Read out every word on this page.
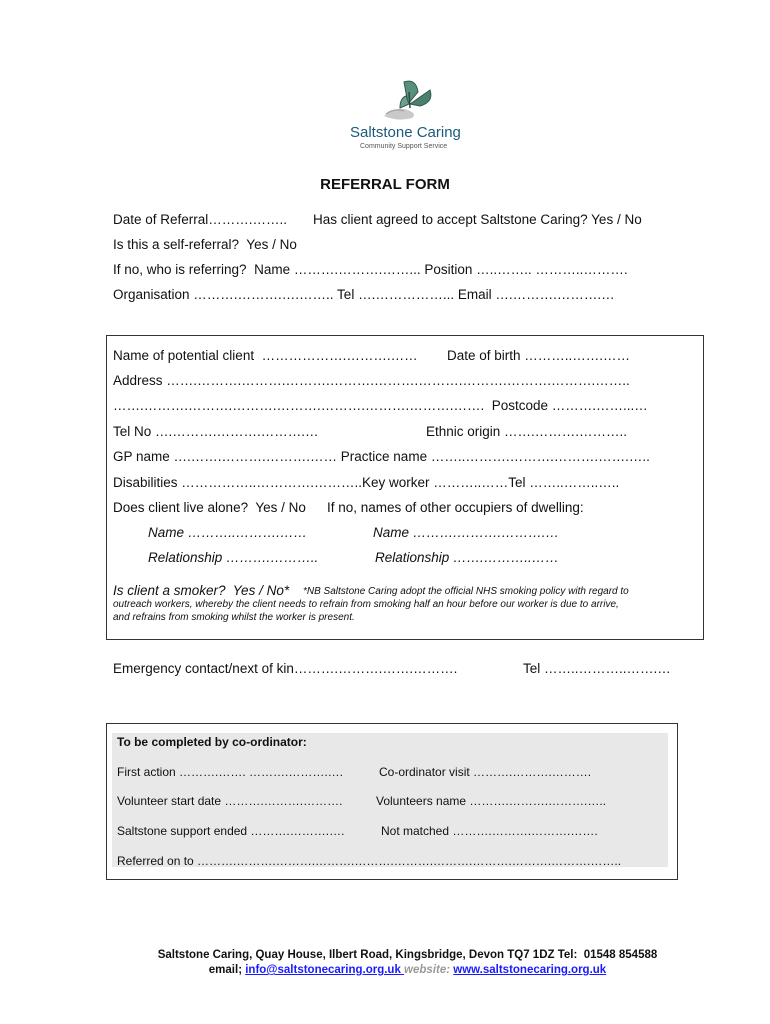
Saltstone Caring
Community Support Service
REFERRAL FORM
Date of Referral……….…….. Has client agreed to accept Saltstone Caring? Yes / No
Is this a self-referral?  Yes / No
If no, who is referring?  Name ……….……….……... Position …..…….. ………..……….
Organisation ……….……….….…….. Tel ….……………... Email ….……….……….…
Name of potential client  ……………….……….…… Date of birth ………..…….……
Address …….……….……….……….……….……….……….……….……….……….……..
…….……….……….……….……….……….……….……….…….  Postcode ……….……...…
Tel No ….……….……….……….…	Ethnic origin …….……….………..
GP name ….…….……….……….…… Practice name ……..……….……….……….…….…..
Disabilities ……………..………….………..Key worker ………..……Tel ……..……..…..
Does client live alone?  Yes / No If no, names of other occupiers of dwelling:
Name ………..……….……	Name ……….……….……….…
Relationship ……….………..	Relationship …….………..……
Is client a smoker?  Yes / No* *NB Saltstone Caring adopt the official NHS smoking policy with regard to
outreach workers, whereby the client needs to refrain from smoking half an hour before our worker is due to arrive,
and refrains from smoking whilst the worker is present.
Emergency contact/next of kin……….……….…….……….	Tel ……..………..…….…
To be completed by co-ordinator:
First action ……….……. ……….……….….	Co-ordinator visit ……….……….……….
Volunteer start date ……….……….……….	Volunteers name ……….……….……….…..
Saltstone support ended ……….……….….	Not matched ……….……….……….…….
Referred on to ……….……….……….……….……….……….……….……….……….……….……..
Saltstone Caring, Quay House, Ilbert Road, Kingsbridge, Devon TQ7 1DZ Tel:  01548 854588
email; info@saltstonecaring.org.uk website: www.saltstonecaring.org.uk
